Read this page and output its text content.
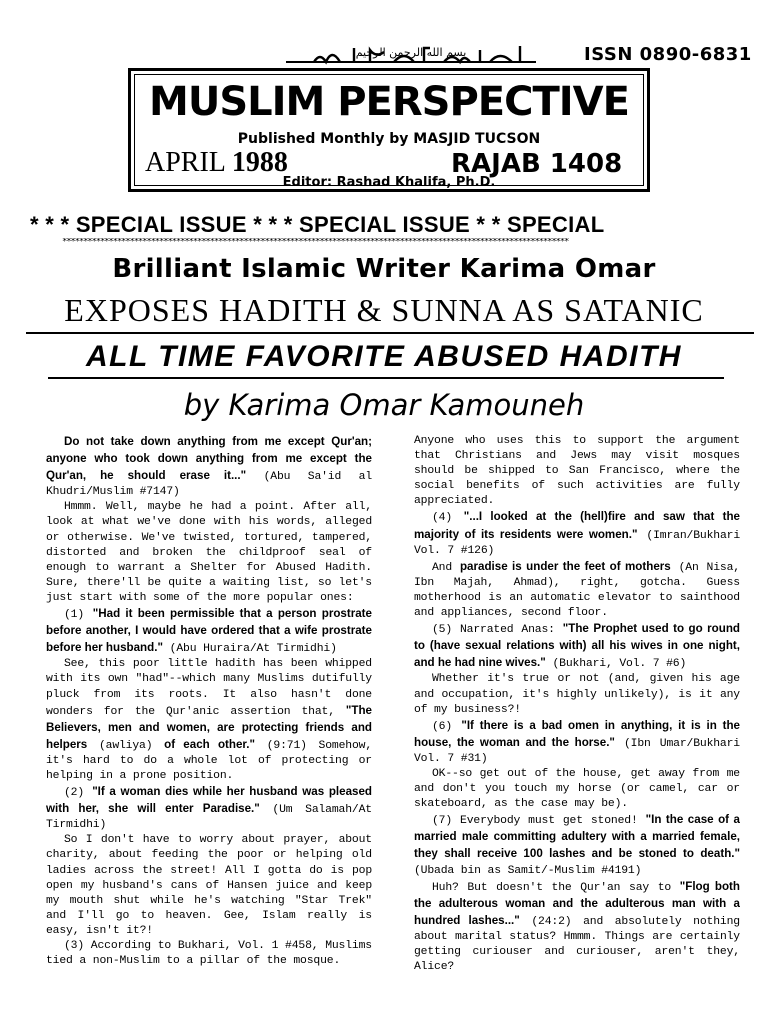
بسم الله الرحمن الرحيم	ISSN 0890-6831
MUSLIM PERSPECTIVE
Published Monthly by MASJID TUCSON
APRIL 1988	RAJAB 1408
Editor: Rashad Khalifa, Ph.D.
* * * SPECIAL ISSUE * * * SPECIAL ISSUE * * SPECIAL
************************************************************************************************************************
Brilliant Islamic Writer Karima Omar
EXPOSES HADITH & SUNNA AS SATANIC
ALL TIME FAVORITE ABUSED HADITH
by Karima Omar Kamouneh

Do not take down anything from me except Qur'an; anyone who took down anything from me except the Qur'an, he should erase it..." (Abu Sa'id al Khudri/Muslim #7147)

Hmmm. Well, maybe he had a point. After all, look at what we've done with his words, alleged or otherwise. We've twisted, tortured, tampered, distorted and broken the childproof seal of enough to warrant a Shelter for Abused Hadith. Sure, there'll be quite a waiting list, so let's just start with some of the more popular ones:

(1) "Had it been permissible that a person prostrate before another, I would have ordered that a wife prostrate before her husband." (Abu Huraira/At Tirmidhi)

See, this poor little hadith has been whipped with its own "had"--which many Muslims dutifully pluck from its roots. It also hasn't done wonders for the Qur'anic assertion that, "The Believers, men and women, are protecting friends and helpers (awliya) of each other." (9:71) Somehow, it's hard to do a whole lot of protecting or helping in a prone position.

(2) "If a woman dies while her husband was pleased with her, she will enter Paradise." (Um Salamah/At Tirmidhi)

So I don't have to worry about prayer, about charity, about feeding the poor or helping old ladies across the street! All I gotta do is pop open my husband's cans of Hansen juice and keep my mouth shut while he's watching "Star Trek" and I'll go to heaven. Gee, Islam really is easy, isn't it?!

(3) According to Bukhari, Vol. 1 #458, Muslims tied a non-Muslim to a pillar of the mosque.

Anyone who uses this to support the argument that Christians and Jews may visit mosques should be shipped to San Francisco, where the social benefits of such activities are fully appreciated.

(4) "...I looked at the (hell)fire and saw that the majority of its residents were women." (Imran/Bukhari Vol. 7 #126)

And paradise is under the feet of mothers (An Nisa, Ibn Majah, Ahmad), right, gotcha. Guess motherhood is an automatic elevator to sainthood and appliances, second floor.

(5) Narrated Anas: "The Prophet used to go round to (have sexual relations with) all his wives in one night, and he had nine wives." (Bukhari, Vol. 7 #6)

Whether it's true or not (and, given his age and occupation, it's highly unlikely), is it any of my business?!

(6) "If there is a bad omen in anything, it is in the house, the woman and the horse." (Ibn Umar/Bukhari Vol. 7 #31)

OK--so get out of the house, get away from me and don't you touch my horse (or camel, car or skateboard, as the case may be).

(7) Everybody must get stoned! "In the case of a married male committing adultery with a married female, they shall receive 100 lashes and be stoned to death." (Ubada bin as Samit/-Muslim #4191)

Huh? But doesn't the Qur'an say to "Flog both the adulterous woman and the adulterous man with a hundred lashes..." (24:2) and absolutely nothing about marital status? Hmmm. Things are certainly getting curiouser and curiouser, aren't they, Alice?
